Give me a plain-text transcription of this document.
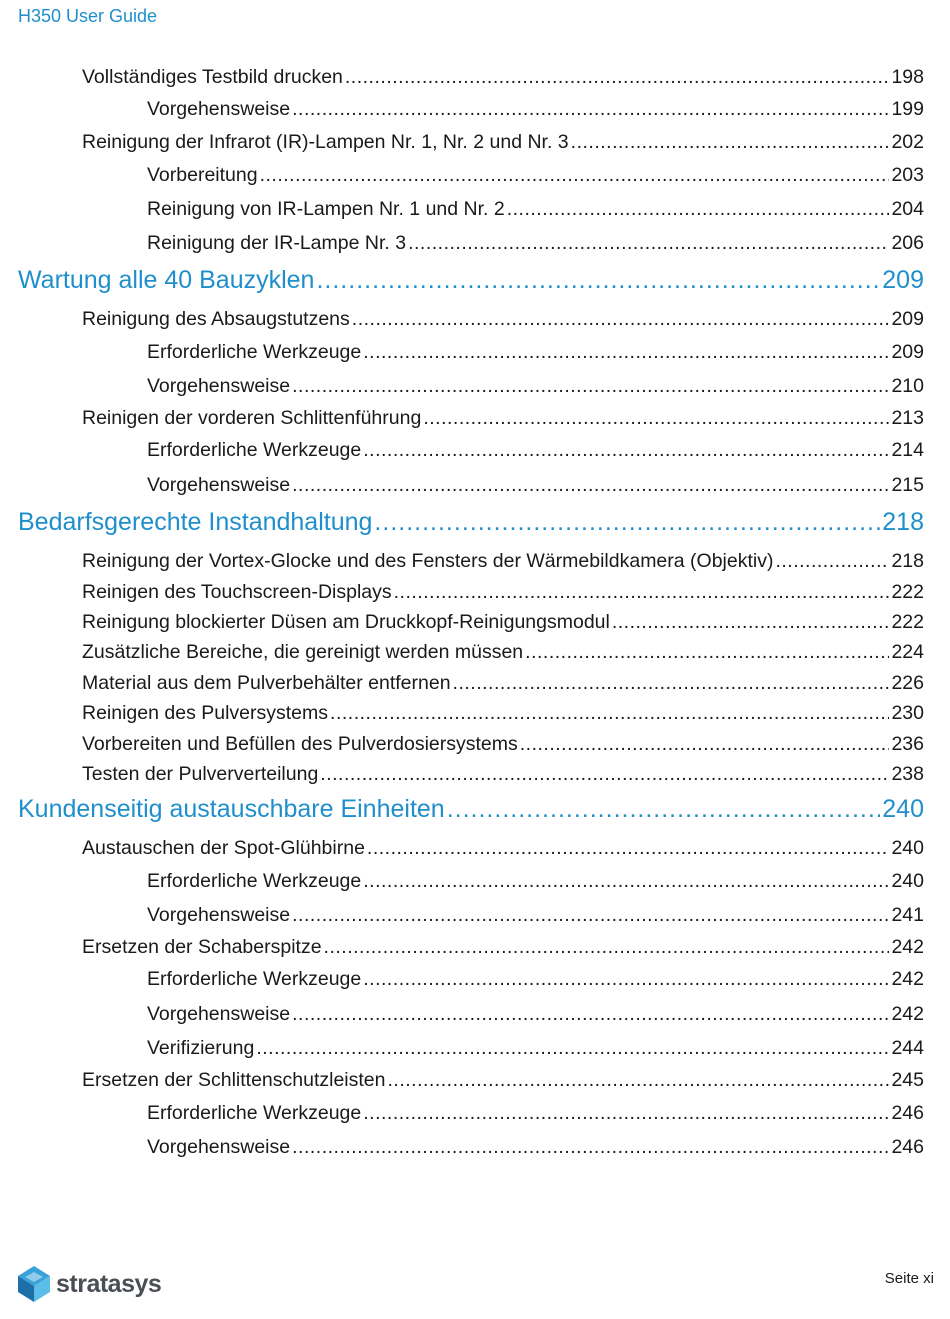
H350 User Guide
Vollständiges Testbild drucken .....	198
Vorgehensweise .....	199
Reinigung der Infrarot (IR)-Lampen Nr. 1, Nr. 2 und Nr. 3 .....	202
Vorbereitung .....	203
Reinigung von IR-Lampen Nr. 1 und Nr. 2 .....	204
Reinigung der IR-Lampe Nr. 3 .....	206
Wartung alle 40 Bauzyklen .....	209
Reinigung des Absaugstutzens .....	209
Erforderliche Werkzeuge .....	209
Vorgehensweise .....	210
Reinigen der vorderen Schlittenführung .....	213
Erforderliche Werkzeuge .....	214
Vorgehensweise .....	215
Bedarfsgerechte Instandhaltung .....	218
Reinigung der Vortex-Glocke und des Fensters der Wärmebildkamera (Objektiv) .....	218
Reinigen des Touchscreen-Displays .....	222
Reinigung blockierter Düsen am Druckkopf-Reinigungsmodul .....	222
Zusätzliche Bereiche, die gereinigt werden müssen .....	224
Material aus dem Pulverbehälter entfernen .....	226
Reinigen des Pulversystems .....	230
Vorbereiten und Befüllen des Pulverdosiersystems .....	236
Testen der Pulververteilung .....	238
Kundenseitig austauschbare Einheiten .....	240
Austauschen der Spot-Glühbirne .....	240
Erforderliche Werkzeuge .....	240
Vorgehensweise .....	241
Ersetzen der Schaberspitze .....	242
Erforderliche Werkzeuge .....	242
Vorgehensweise .....	242
Verifizierung .....	244
Ersetzen der Schlittenschutzleisten .....	245
Erforderliche Werkzeuge .....	246
Vorgehensweise .....	246
stratasys	Seite xi
